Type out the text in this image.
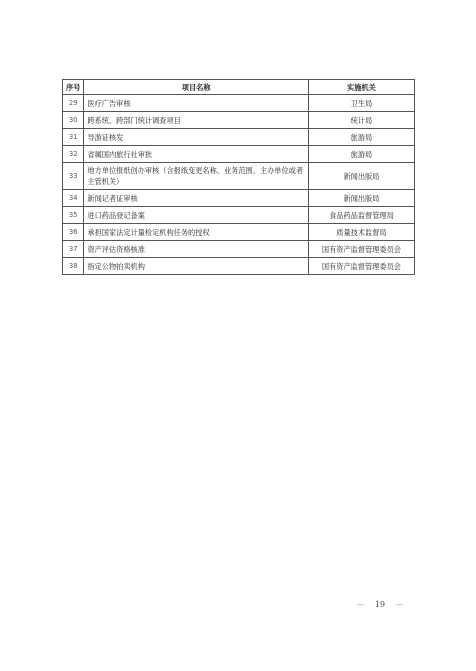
序号	项目名称	实施机关
29	医疗广告审核	卫生局
30	跨系统、跨部门统计调查项目	统计局
31	导游证核发	旅游局
32	省属国内旅行社审批	旅游局
33	地方单位报纸创办审核（含报纸变更名称、业务范围、主办单位或者主管机关）	新闻出版局
34	新闻记者证审核	新闻出版局
35	进口药品登记备案	食品药品监督管理局
36	承担国家法定计量检定机构任务的授权	质量技术监督局
37	资产评估资格核准	国有资产监督管理委员会
38	指定公物拍卖机构	国有资产监督管理委员会
— 19 —
